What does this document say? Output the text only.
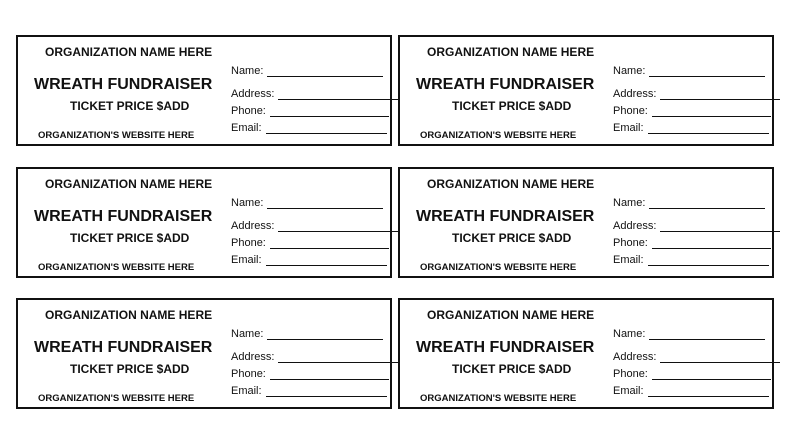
ORGANIZATION NAME HERE
WREATH FUNDRAISER
TICKET PRICE $ADD
ORGANIZATION'S WEBSITE HERE
Name:
Address:
Phone:
Email:
ORGANIZATION NAME HERE
WREATH FUNDRAISER
TICKET PRICE $ADD
ORGANIZATION'S WEBSITE HERE
Name:
Address:
Phone:
Email:
ORGANIZATION NAME HERE
WREATH FUNDRAISER
TICKET PRICE $ADD
ORGANIZATION'S WEBSITE HERE
Name:
Address:
Phone:
Email:
ORGANIZATION NAME HERE
WREATH FUNDRAISER
TICKET PRICE $ADD
ORGANIZATION'S WEBSITE HERE
Name:
Address:
Phone:
Email:
ORGANIZATION NAME HERE
WREATH FUNDRAISER
TICKET PRICE $ADD
ORGANIZATION'S WEBSITE HERE
Name:
Address:
Phone:
Email:
ORGANIZATION NAME HERE
WREATH FUNDRAISER
TICKET PRICE $ADD
ORGANIZATION'S WEBSITE HERE
Name:
Address:
Phone:
Email:
